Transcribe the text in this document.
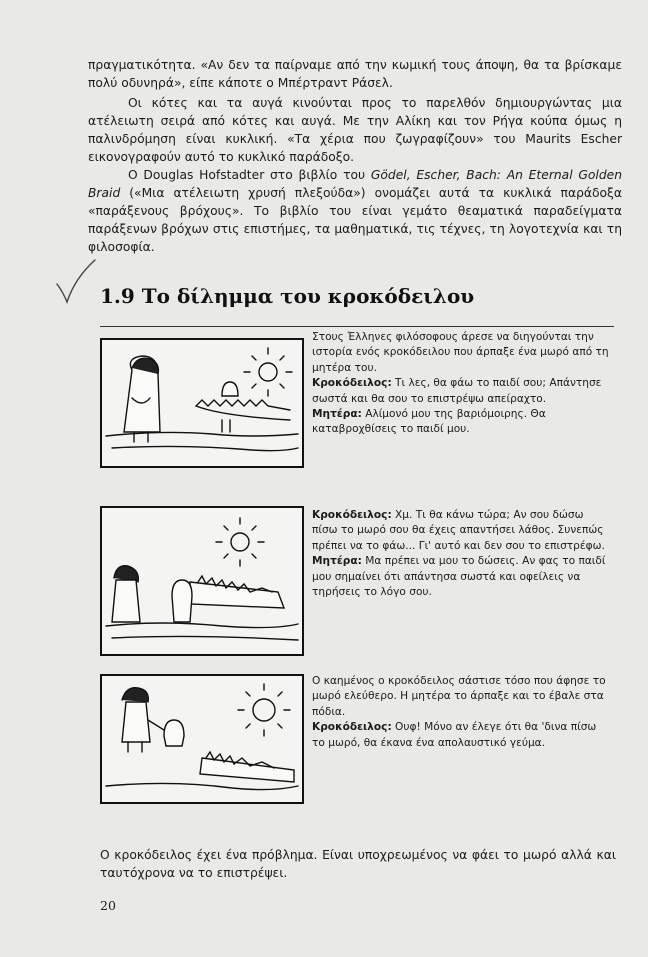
πραγματικότητα. «Αν δεν τα παίρναμε από την κωμική τους άποψη, θα τα βρίσκαμε πολύ οδυνηρά», είπε κάποτε ο Μπέρτραντ Ράσελ.

Οι κότες και τα αυγά κινούνται προς το παρελθόν δημιουργώντας μια ατέλειωτη σειρά από κότες και αυγά. Με την Αλίκη και τον Ρήγα κούπα όμως η παλινδρόμηση είναι κυκλική. «Τα χέρια που ζωγραφίζουν» του Maurits Escher εικονογραφούν αυτό το κυκλικό παράδοξο.

Ο Douglas Hofstadter στο βιβλίο του Gödel, Escher, Bach: An Eternal Golden Braid («Μια ατέλειωτη χρυσή πλεξούδα») ονομάζει αυτά τα κυκλικά παράδοξα «παράξενους βρόχους». Το βιβλίο του είναι γεμάτο θεαματικά παραδείγματα παράξενων βρόχων στις επιστήμες, τα μαθηματικά, τις τέχνες, τη λογοτεχνία και τη φιλοσοφία.

1.9 Το δίλημμα του κροκόδειλου

Στους Έλληνες φιλόσοφους άρεσε να διηγούνται την ιστορία ενός κροκόδειλου που άρπαξε ένα μωρό από τη μητέρα του.
Κροκόδειλος: Τι λες, θα φάω το παιδί σου; Απάντησε σωστά και θα σου το επιστρέψω απείραχτο.
Μητέρα: Αλίμονό μου της βαριόμοιρης. Θα καταβροχθίσεις το παιδί μου.

Κροκόδειλος: Χμ. Τι θα κάνω τώρα; Αν σου δώσω πίσω το μωρό σου θα έχεις απαντήσει λάθος. Συνεπώς πρέπει να το φάω... Γι' αυτό και δεν σου το επιστρέφω.
Μητέρα: Μα πρέπει να μου το δώσεις. Αν φας το παιδί μου σημαίνει ότι απάντησα σωστά και οφείλεις να τηρήσεις το λόγο σου.

Ο καημένος ο κροκόδειλος σάστισε τόσο που άφησε το μωρό ελεύθερο. Η μητέρα το άρπαξε και το έβαλε στα πόδια.
Κροκόδειλος: Ουφ! Μόνο αν έλεγε ότι θα 'δινα πίσω το μωρό, θα έκανα ένα απολαυστικό γεύμα.

Ο κροκόδειλος έχει ένα πρόβλημα. Είναι υποχρεωμένος να φάει το μωρό αλλά και ταυτόχρονα να το επιστρέψει.

20
